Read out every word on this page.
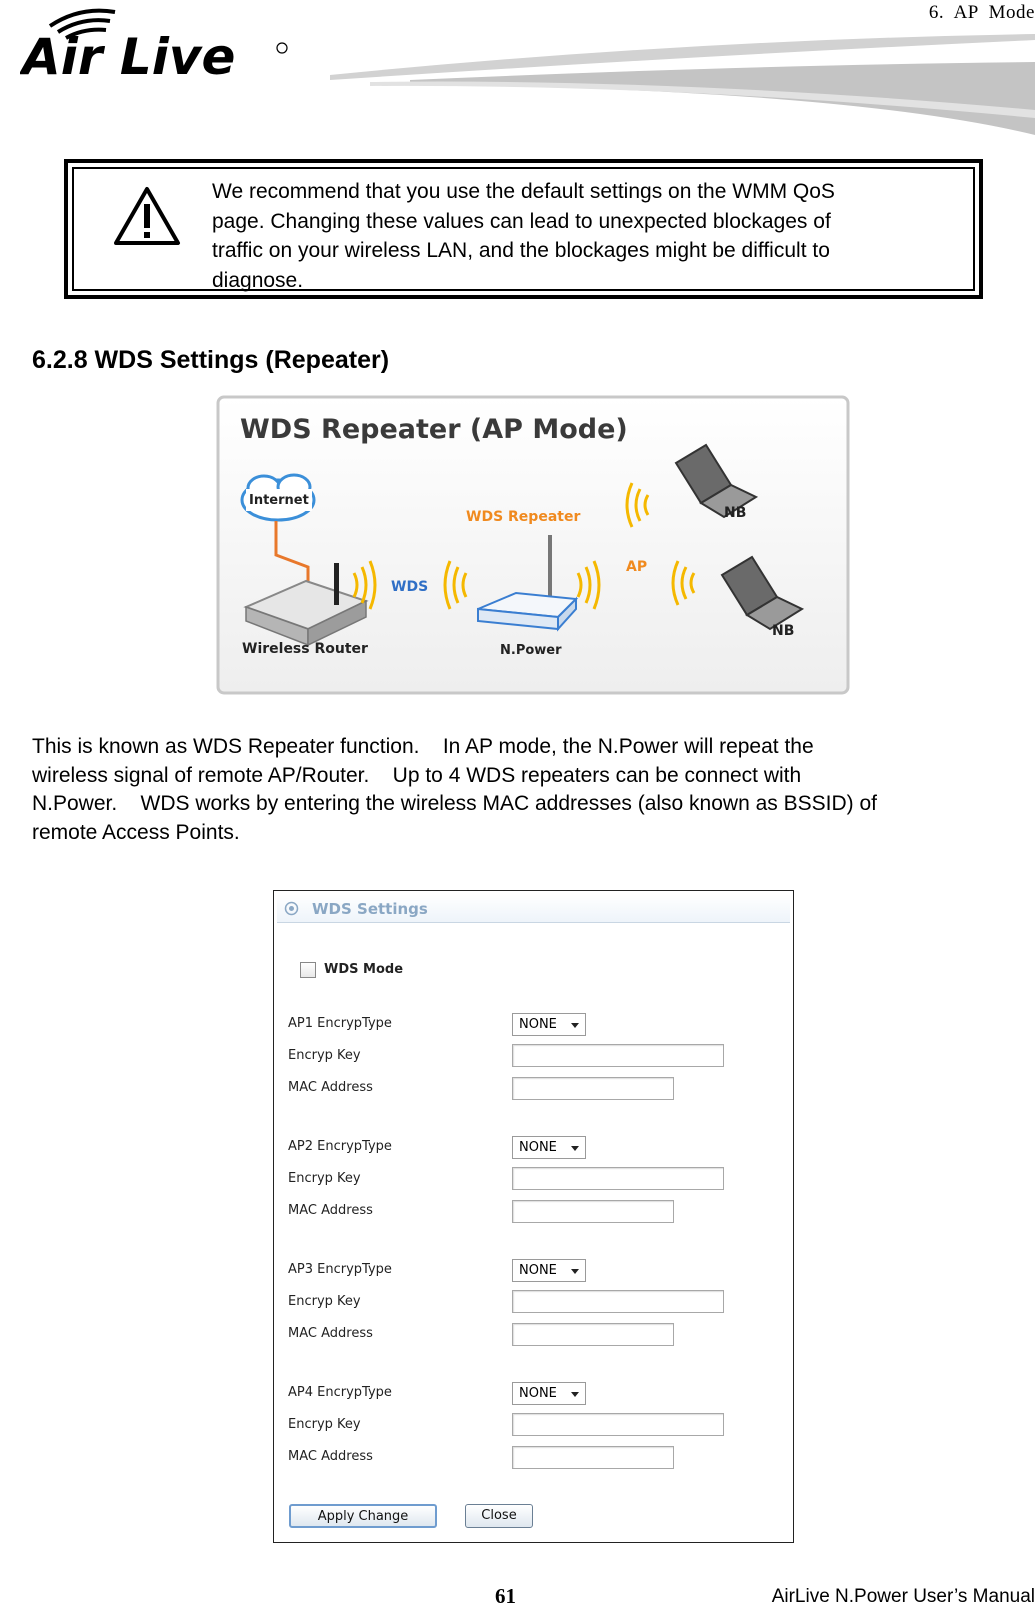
6.  AP  Mode
Air Live
We recommend that you use the default settings on the WMM QoS
page. Changing these values can lead to unexpected blockages of
traffic on your wireless LAN, and the blockages might be difficult to
diagnose.
6.2.8 WDS Settings (Repeater)
WDS Repeater (AP Mode)
Internet
Wireless Router
WDS
WDS Repeater
N.Power
AP
NB
NB
This is known as WDS Repeater function.    In AP mode, the N.Power will repeat the
wireless signal of remote AP/Router.    Up to 4 WDS repeaters can be connect with
N.Power.    WDS works by entering the wireless MAC addresses (also known as BSSID) of
remote Access Points.
WDS Settings
WDS Mode
AP1 EncrypType	NONE
Encryp Key
MAC Address
AP2 EncrypType	NONE
Encryp Key
MAC Address
AP3 EncrypType	NONE
Encryp Key
MAC Address
AP4 EncrypType	NONE
Encryp Key
MAC Address
Apply Change	Close
61	AirLive N.Power User’s Manual
